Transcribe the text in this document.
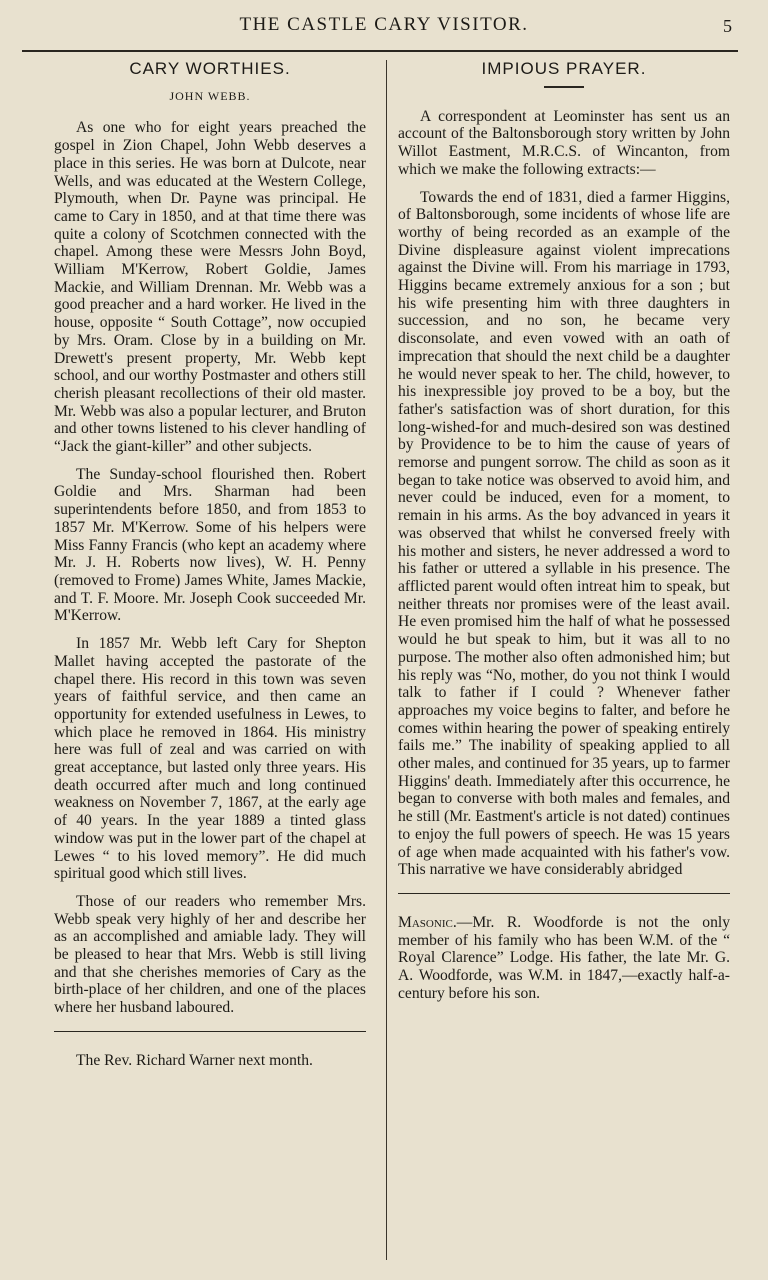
THE CASTLE CARY VISITOR.	5
CARY WORTHIES.
JOHN WEBB.

As one who for eight years preached the gospel in Zion Chapel, John Webb deserves a place in this series. He was born at Dulcote, near Wells, and was educated at the Western College, Plymouth, when Dr. Payne was principal. He came to Cary in 1850, and at that time there was quite a colony of Scotchmen connected with the chapel. Among these were Messrs John Boyd, William M'Kerrow, Robert Goldie, James Mackie, and William Drennan. Mr. Webb was a good preacher and a hard worker. He lived in the house, opposite “ South Cottage”, now occupied by Mrs. Oram. Close by in a building on Mr. Drewett's present property, Mr. Webb kept school, and our worthy Postmaster and others still cherish pleasant recollections of their old master. Mr. Webb was also a popular lecturer, and Bruton and other towns listened to his clever handling of “Jack the giant-killer” and other subjects.

The Sunday-school flourished then. Robert Goldie and Mrs. Sharman had been superintendents before 1850, and from 1853 to 1857 Mr. M'Kerrow. Some of his helpers were Miss Fanny Francis (who kept an academy where Mr. J. H. Roberts now lives), W. H. Penny (removed to Frome) James White, James Mackie, and T. F. Moore. Mr. Joseph Cook succeeded Mr. M'Kerrow.

In 1857 Mr. Webb left Cary for Shepton Mallet having accepted the pastorate of the chapel there. His record in this town was seven years of faithful service, and then came an opportunity for extended usefulness in Lewes, to which place he removed in 1864. His ministry here was full of zeal and was carried on with great acceptance, but lasted only three years. His death occurred after much and long continued weakness on November 7, 1867, at the early age of 40 years. In the year 1889 a tinted glass window was put in the lower part of the chapel at Lewes “ to his loved memory”. He did much spiritual good which still lives.

Those of our readers who remember Mrs. Webb speak very highly of her and describe her as an accomplished and amiable lady. They will be pleased to hear that Mrs. Webb is still living and that she cherishes memories of Cary as the birth-place of her children, and one of the places where her husband laboured.

The Rev. Richard Warner next month.

IMPIOUS PRAYER.

A correspondent at Leominster has sent us an account of the Baltonsborough story written by John Willot Eastment, M.R.C.S. of Wincanton, from which we make the following extracts:—

Towards the end of 1831, died a farmer Higgins, of Baltonsborough, some incidents of whose life are worthy of being recorded as an example of the Divine displeasure against violent imprecations against the Divine will. From his marriage in 1793, Higgins became extremely anxious for a son ; but his wife presenting him with three daughters in succession, and no son, he became very disconsolate, and even vowed with an oath of imprecation that should the next child be a daughter he would never speak to her. The child, however, to his inexpressible joy proved to be a boy, but the father's satisfaction was of short duration, for this long-wished-for and much-desired son was destined by Providence to be to him the cause of years of remorse and pungent sorrow. The child as soon as it began to take notice was observed to avoid him, and never could be induced, even for a moment, to remain in his arms. As the boy advanced in years it was observed that whilst he conversed freely with his mother and sisters, he never addressed a word to his father or uttered a syllable in his presence. The afflicted parent would often intreat him to speak, but neither threats nor promises were of the least avail. He even promised him the half of what he possessed would he but speak to him, but it was all to no purpose. The mother also often admonished him; but his reply was “No, mother, do you not think I would talk to father if I could ? Whenever father approaches my voice begins to falter, and before he comes within hearing the power of speaking entirely fails me.” The inability of speaking applied to all other males, and continued for 35 years, up to farmer Higgins' death. Immediately after this occurrence, he began to converse with both males and females, and he still (Mr. Eastment's article is not dated) continues to enjoy the full powers of speech. He was 15 years of age when made acquainted with his father's vow. This narrative we have considerably abridged

Masonic.—Mr. R. Woodforde is not the only member of his family who has been W.M. of the “ Royal Clarence” Lodge. His father, the late Mr. G. A. Woodforde, was W.M. in 1847,—exactly half-a-century before his son.
